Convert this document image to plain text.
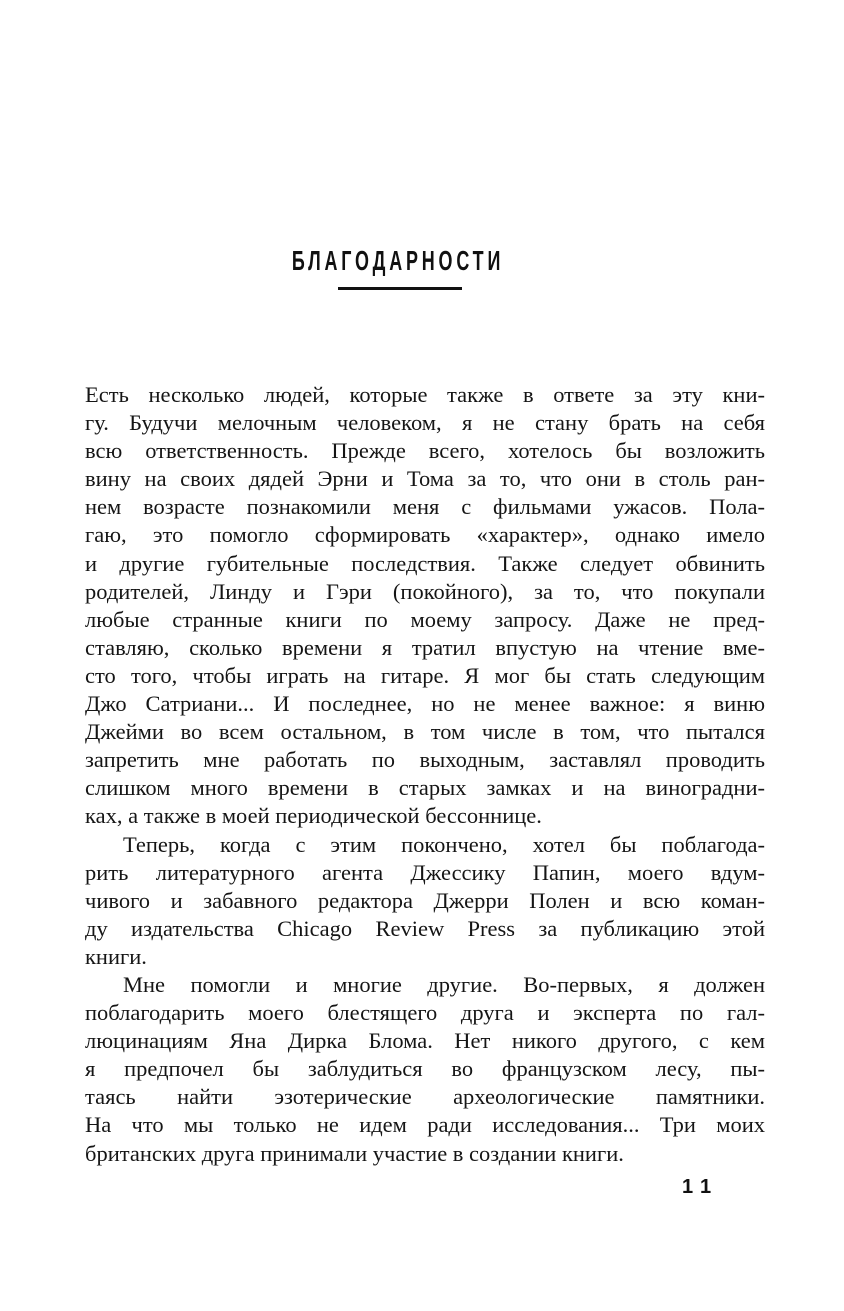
БЛАГОДАРНОСТИ
Есть несколько людей, которые также в ответе за эту кни-
гу. Будучи мелочным человеком, я не стану брать на себя
всю ответственность. Прежде всего, хотелось бы возложить
вину на своих дядей Эрни и Тома за то, что они в столь ран-
нем возрасте познакомили меня с фильмами ужасов. Пола-
гаю, это помогло сформировать «характер», однако имело
и другие губительные последствия. Также следует обвинить
родителей, Линду и Гэри (покойного), за то, что покупали
любые странные книги по моему запросу. Даже не пред-
ставляю, сколько времени я тратил впустую на чтение вме-
сто того, чтобы играть на гитаре. Я мог бы стать следующим
Джо Сатриани... И последнее, но не менее важное: я виню
Джейми во всем остальном, в том числе в том, что пытался
запретить мне работать по выходным, заставлял проводить
слишком много времени в старых замках и на виноградни-
ках, а также в моей периодической бессоннице.
Теперь, когда с этим покончено, хотел бы поблагода-
рить литературного агента Джессику Папин, моего вдум-
чивого и забавного редактора Джерри Полен и всю коман-
ду издательства Chicago Review Press за публикацию этой
книги.
Мне помогли и многие другие. Во-первых, я должен
поблагодарить моего блестящего друга и эксперта по гал-
люцинациям Яна Дирка Блома. Нет никого другого, с кем
я предпочел бы заблудиться во французском лесу, пы-
таясь найти эзотерические археологические памятники.
На что мы только не идем ради исследования... Три моих
британских друга принимали участие в создании книги.
11
